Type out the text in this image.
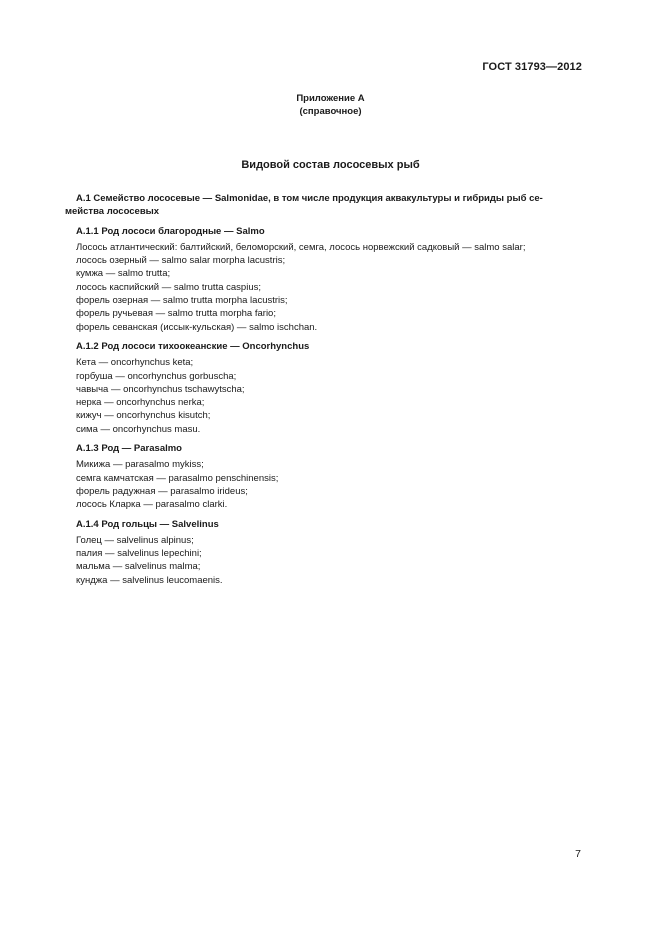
ГОСТ 31793—2012
Приложение А
(справочное)
Видовой состав лососевых рыб

А.1 Семейство лососевые — Salmonidae, в том числе продукция аквакультуры и гибриды рыб се-
мейства лососевых

А.1.1 Род лососи благородные — Salmo

Лосось атлантический: балтийский, беломорский, семга, лосось норвежский садковый — salmo salar;
лосось озерный — salmo salar morpha lacustris;
кумжа — salmo trutta;
лосось каспийский — salmo trutta caspius;
форель озерная — salmo trutta morpha lacustris;
форель ручьевая — salmo trutta morpha fario;
форель севанская (иссык-кульская) — salmo ischchan.

А.1.2 Род лососи тихоокеанские — Oncorhynchus

Кета — oncorhynchus keta;
горбуша — oncorhynchus gorbuscha;
чавыча — oncorhynchus tschawytscha;
нерка — oncorhynchus nerka;
кижуч — oncorhynchus kisutch;
сима — oncorhynchus masu.

А.1.3 Род — Parasalmo

Микижа — parasalmo mykiss;
семга камчатская — parasalmo penschinensis;
форель радужная — parasalmo irideus;
лосось Кларка — parasalmo clarki.

А.1.4 Род гольцы — Salvelinus

Голец — salvelinus alpinus;
палия — salvelinus lepechini;
мальма — salvelinus malma;
кунджа — salvelinus leucomaenis.
7
